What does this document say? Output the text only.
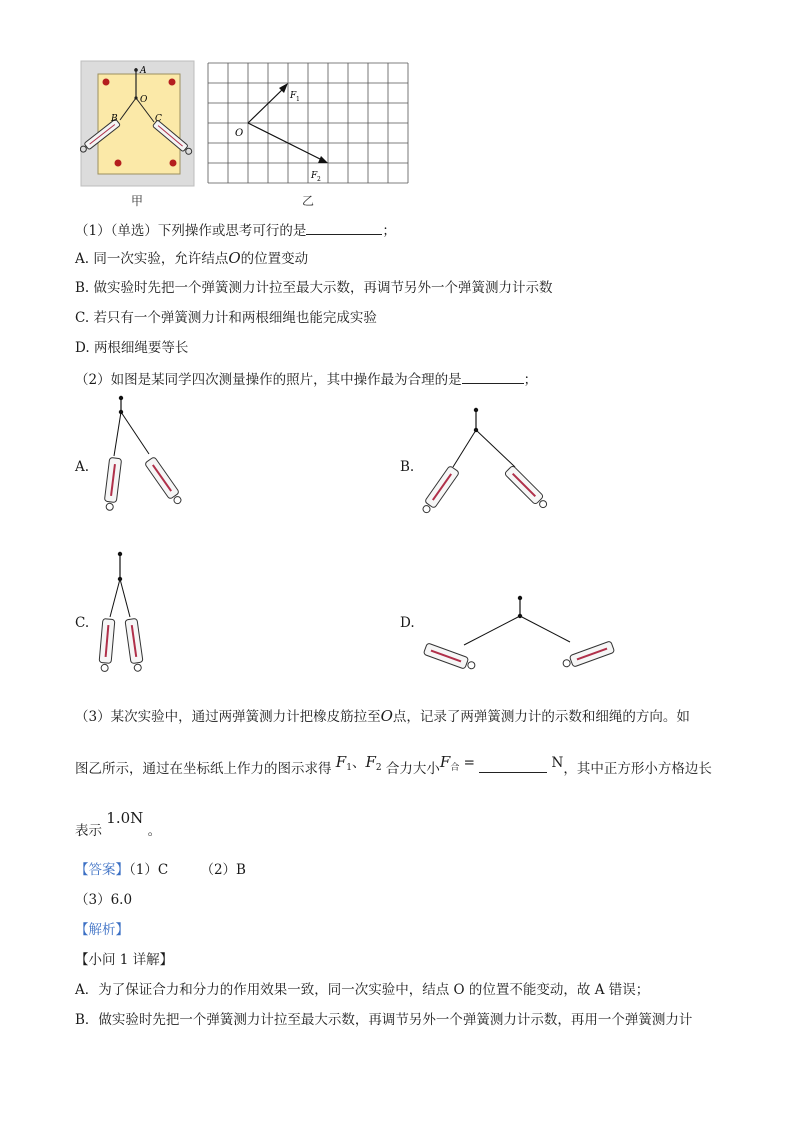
A
O
B	C
甲
O
F 1
F 2
乙
（1）（单选）下列操作或思考可行的是	；
A. 同一次实验，允许结点O的位置变动
B. 做实验时先把一个弹簧测力计拉至最大示数，再调节另外一个弹簧测力计示数
C. 若只有一个弹簧测力计和两根细绳也能完成实验
D. 两根细绳要等长
（2）如图是某同学四次测量操作的照片，其中操作最为合理的是	；
A.	B.
C.	D.
（3）某次实验中，通过两弹簧测力计把橡皮筋拉至O点，记录了两弹簧测力计的示数和细绳的方向。如
图乙所示，通过在坐标纸上作力的图示求得 $F^1$、$F^2$ 合力大小$F^合$ =	N，其中正方形小方格边长
表示 1.0N 。
【答案】（1）C （2）B
（3）6.0
【解析】
【小问 1 详解】
A．为了保证合力和分力的作用效果一致，同一次实验中，结点 O 的位置不能变动，故 A 错误；
B．做实验时先把一个弹簧测力计拉至最大示数，再调节另外一个弹簧测力计示数，再用一个弹簧测力计
